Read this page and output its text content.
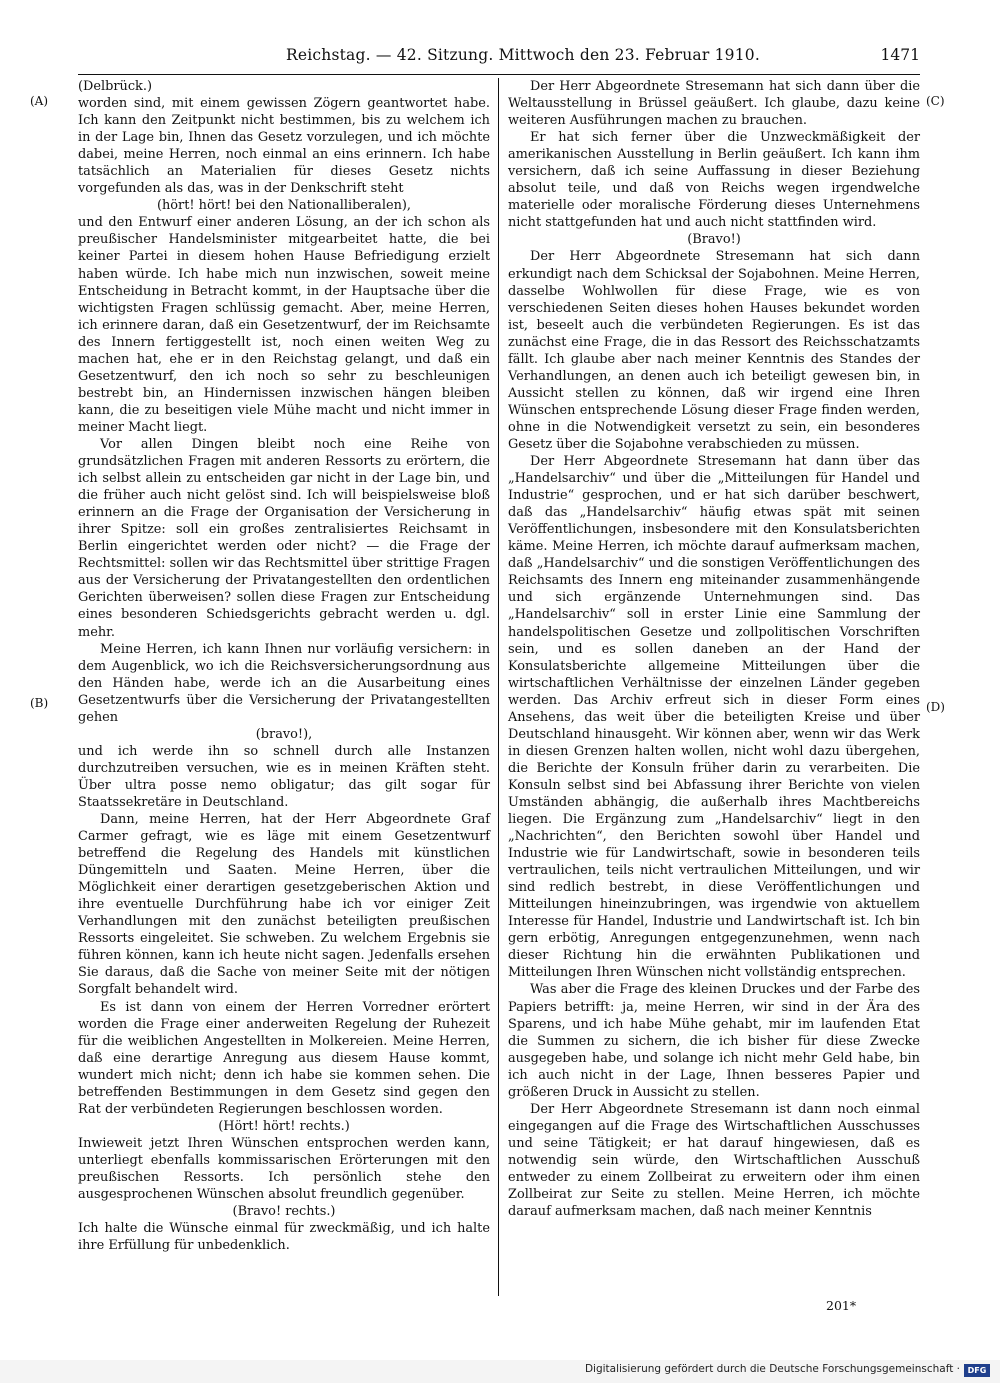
Reichstag. — 42. Sitzung. Mittwoch den 23. Februar 1910.	1471
(A)
(B)
(C)
(D)

(Delbrück.)

worden sind, mit einem gewissen Zögern geantwortet habe. Ich kann den Zeitpunkt nicht bestimmen, bis zu welchem ich in der Lage bin, Ihnen das Gesetz vorzulegen, und ich möchte dabei, meine Herren, noch einmal an eins erinnern. Ich habe tatsächlich an Materialien für dieses Gesetz nichts vorgefunden als das, was in der Denkschrift steht

(hört! hört! bei den Nationalliberalen),

und den Entwurf einer anderen Lösung, an der ich schon als preußischer Handelsminister mitgearbeitet hatte, die bei keiner Partei in diesem hohen Hause Befriedigung erzielt haben würde. Ich habe mich nun inzwischen, soweit meine Entscheidung in Betracht kommt, in der Hauptsache über die wichtigsten Fragen schlüssig gemacht. Aber, meine Herren, ich erinnere daran, daß ein Gesetzentwurf, der im Reichsamte des Innern fertiggestellt ist, noch einen weiten Weg zu machen hat, ehe er in den Reichstag gelangt, und daß ein Gesetzentwurf, den ich noch so sehr zu beschleunigen bestrebt bin, an Hindernissen inzwischen hängen bleiben kann, die zu beseitigen viele Mühe macht und nicht immer in meiner Macht liegt.

Vor allen Dingen bleibt noch eine Reihe von grundsätzlichen Fragen mit anderen Ressorts zu erörtern, die ich selbst allein zu entscheiden gar nicht in der Lage bin, und die früher auch nicht gelöst sind. Ich will beispielsweise bloß erinnern an die Frage der Organisation der Versicherung in ihrer Spitze: soll ein großes zentralisiertes Reichsamt in Berlin eingerichtet werden oder nicht? — die Frage der Rechtsmittel: sollen wir das Rechtsmittel über strittige Fragen aus der Versicherung der Privatangestellten den ordentlichen Gerichten überweisen? sollen diese Fragen zur Entscheidung eines besonderen Schiedsgerichts gebracht werden u. dgl. mehr.

Meine Herren, ich kann Ihnen nur vorläufig versichern: in dem Augenblick, wo ich die Reichsversicherungsordnung aus den Händen habe, werde ich an die Ausarbeitung eines Gesetzentwurfs über die Versicherung der Privatangestellten gehen

(bravo!),

und ich werde ihn so schnell durch alle Instanzen durchzutreiben versuchen, wie es in meinen Kräften steht. Über ultra posse nemo obligatur; das gilt sogar für Staatssekretäre in Deutschland.

Dann, meine Herren, hat der Herr Abgeordnete Graf Carmer gefragt, wie es läge mit einem Gesetzentwurf betreffend die Regelung des Handels mit künstlichen Düngemitteln und Saaten. Meine Herren, über die Möglichkeit einer derartigen gesetzgeberischen Aktion und ihre eventuelle Durchführung habe ich vor einiger Zeit Verhandlungen mit den zunächst beteiligten preußischen Ressorts eingeleitet. Sie schweben. Zu welchem Ergebnis sie führen können, kann ich heute nicht sagen. Jedenfalls ersehen Sie daraus, daß die Sache von meiner Seite mit der nötigen Sorgfalt behandelt wird.

Es ist dann von einem der Herren Vorredner erörtert worden die Frage einer anderweiten Regelung der Ruhezeit für die weiblichen Angestellten in Molkereien. Meine Herren, daß eine derartige Anregung aus diesem Hause kommt, wundert mich nicht; denn ich habe sie kommen sehen. Die betreffenden Bestimmungen in dem Gesetz sind gegen den Rat der verbündeten Regierungen beschlossen worden.

(Hört! hört! rechts.)

Inwieweit jetzt Ihren Wünschen entsprochen werden kann, unterliegt ebenfalls kommissarischen Erörterungen mit den preußischen Ressorts. Ich persönlich stehe den ausgesprochenen Wünschen absolut freundlich gegenüber.

(Bravo! rechts.)

Ich halte die Wünsche einmal für zweckmäßig, und ich halte ihre Erfüllung für unbedenklich.

Der Herr Abgeordnete Stresemann hat sich dann über die Weltausstellung in Brüssel geäußert. Ich glaube, dazu keine weiteren Ausführungen machen zu brauchen.

Er hat sich ferner über die Unzweckmäßigkeit der amerikanischen Ausstellung in Berlin geäußert. Ich kann ihm versichern, daß ich seine Auffassung in dieser Beziehung absolut teile, und daß von Reichs wegen irgendwelche materielle oder moralische Förderung dieses Unternehmens nicht stattgefunden hat und auch nicht stattfinden wird.

(Bravo!)

Der Herr Abgeordnete Stresemann hat sich dann erkundigt nach dem Schicksal der Sojabohnen. Meine Herren, dasselbe Wohlwollen für diese Frage, wie es von verschiedenen Seiten dieses hohen Hauses bekundet worden ist, beseelt auch die verbündeten Regierungen. Es ist das zunächst eine Frage, die in das Ressort des Reichsschatzamts fällt. Ich glaube aber nach meiner Kenntnis des Standes der Verhandlungen, an denen auch ich beteiligt gewesen bin, in Aussicht stellen zu können, daß wir irgend eine Ihren Wünschen entsprechende Lösung dieser Frage finden werden, ohne in die Notwendigkeit versetzt zu sein, ein besonderes Gesetz über die Sojabohne verabschieden zu müssen.

Der Herr Abgeordnete Stresemann hat dann über das „Handelsarchiv“ und über die „Mitteilungen für Handel und Industrie“ gesprochen, und er hat sich darüber beschwert, daß das „Handelsarchiv“ häufig etwas spät mit seinen Veröffentlichungen, insbesondere mit den Konsulatsberichten käme. Meine Herren, ich möchte darauf aufmerksam machen, daß „Handelsarchiv“ und die sonstigen Veröffentlichungen des Reichsamts des Innern eng miteinander zusammenhängende und sich ergänzende Unternehmungen sind. Das „Handelsarchiv“ soll in erster Linie eine Sammlung der handelspolitischen Gesetze und zollpolitischen Vorschriften sein, und es sollen daneben an der Hand der Konsulatsberichte allgemeine Mitteilungen über die wirtschaftlichen Verhältnisse der einzelnen Länder gegeben werden. Das Archiv erfreut sich in dieser Form eines Ansehens, das weit über die beteiligten Kreise und über Deutschland hinausgeht. Wir können aber, wenn wir das Werk in diesen Grenzen halten wollen, nicht wohl dazu übergehen, die Berichte der Konsuln früher darin zu verarbeiten. Die Konsuln selbst sind bei Abfassung ihrer Berichte von vielen Umständen abhängig, die außerhalb ihres Machtbereichs liegen. Die Ergänzung zum „Handelsarchiv“ liegt in den „Nachrichten“, den Berichten sowohl über Handel und Industrie wie für Landwirtschaft, sowie in besonderen teils vertraulichen, teils nicht vertraulichen Mitteilungen, und wir sind redlich bestrebt, in diese Veröffentlichungen und Mitteilungen hineinzubringen, was irgendwie von aktuellem Interesse für Handel, Industrie und Landwirtschaft ist. Ich bin gern erbötig, Anregungen entgegenzunehmen, wenn nach dieser Richtung hin die erwähnten Publikationen und Mitteilungen Ihren Wünschen nicht vollständig entsprechen.

Was aber die Frage des kleinen Druckes und der Farbe des Papiers betrifft: ja, meine Herren, wir sind in der Ära des Sparens, und ich habe Mühe gehabt, mir im laufenden Etat die Summen zu sichern, die ich bisher für diese Zwecke ausgegeben habe, und solange ich nicht mehr Geld habe, bin ich auch nicht in der Lage, Ihnen besseres Papier und größeren Druck in Aussicht zu stellen.

Der Herr Abgeordnete Stresemann ist dann noch einmal eingegangen auf die Frage des Wirtschaftlichen Ausschusses und seine Tätigkeit; er hat darauf hingewiesen, daß es notwendig sein würde, den Wirtschaftlichen Ausschuß entweder zu einem Zollbeirat zu erweitern oder ihm einen Zollbeirat zur Seite zu stellen. Meine Herren, ich möchte darauf aufmerksam machen, daß nach meiner Kenntnis

201*
Digitalisierung gefördert durch die Deutsche Forschungsgemeinschaft · DFG
